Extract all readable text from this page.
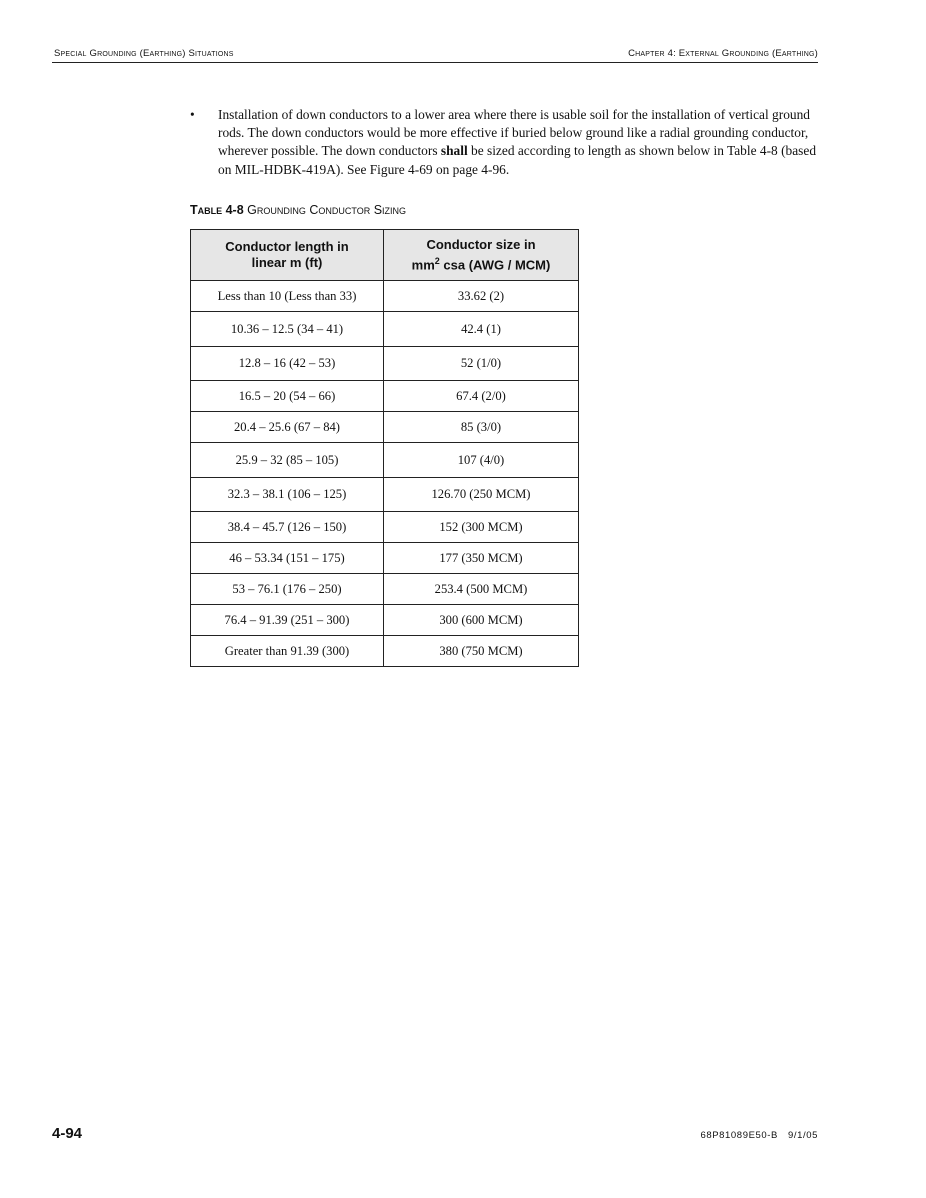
Special Grounding (Earthing) Situations	Chapter 4: External Grounding (Earthing)
• Installation of down conductors to a lower area where there is usable soil for the installation of vertical ground rods. The down conductors would be more effective if buried below ground like a radial grounding conductor, wherever possible. The down conductors shall be sized according to length as shown below in Table 4-8 (based on MIL-HDBK-419A). See Figure 4-69 on page 4-96.
Table 4-8 Grounding Conductor Sizing
Conductor length in
linear m (ft)	Conductor size in
$mm^2$ csa (AWG / MCM)
Less than 10 (Less than 33)	33.62 (2)
10.36 – 12.5 (34 – 41)	42.4 (1)
12.8 – 16 (42 – 53)	52 (1/0)
16.5 – 20 (54 – 66)	67.4 (2/0)
20.4 – 25.6 (67 – 84)	85 (3/0)
25.9 – 32 (85 – 105)	107 (4/0)
32.3 – 38.1 (106 – 125)	126.70 (250 MCM)
38.4 – 45.7 (126 – 150)	152 (300 MCM)
46 – 53.34 (151 – 175)	177 (350 MCM)
53 – 76.1 (176 – 250)	253.4 (500 MCM)
76.4 – 91.39 (251 – 300)	300 (600 MCM)
Greater than 91.39 (300)	380 (750 MCM)
4-94	68P81089E50-B 9/1/05
